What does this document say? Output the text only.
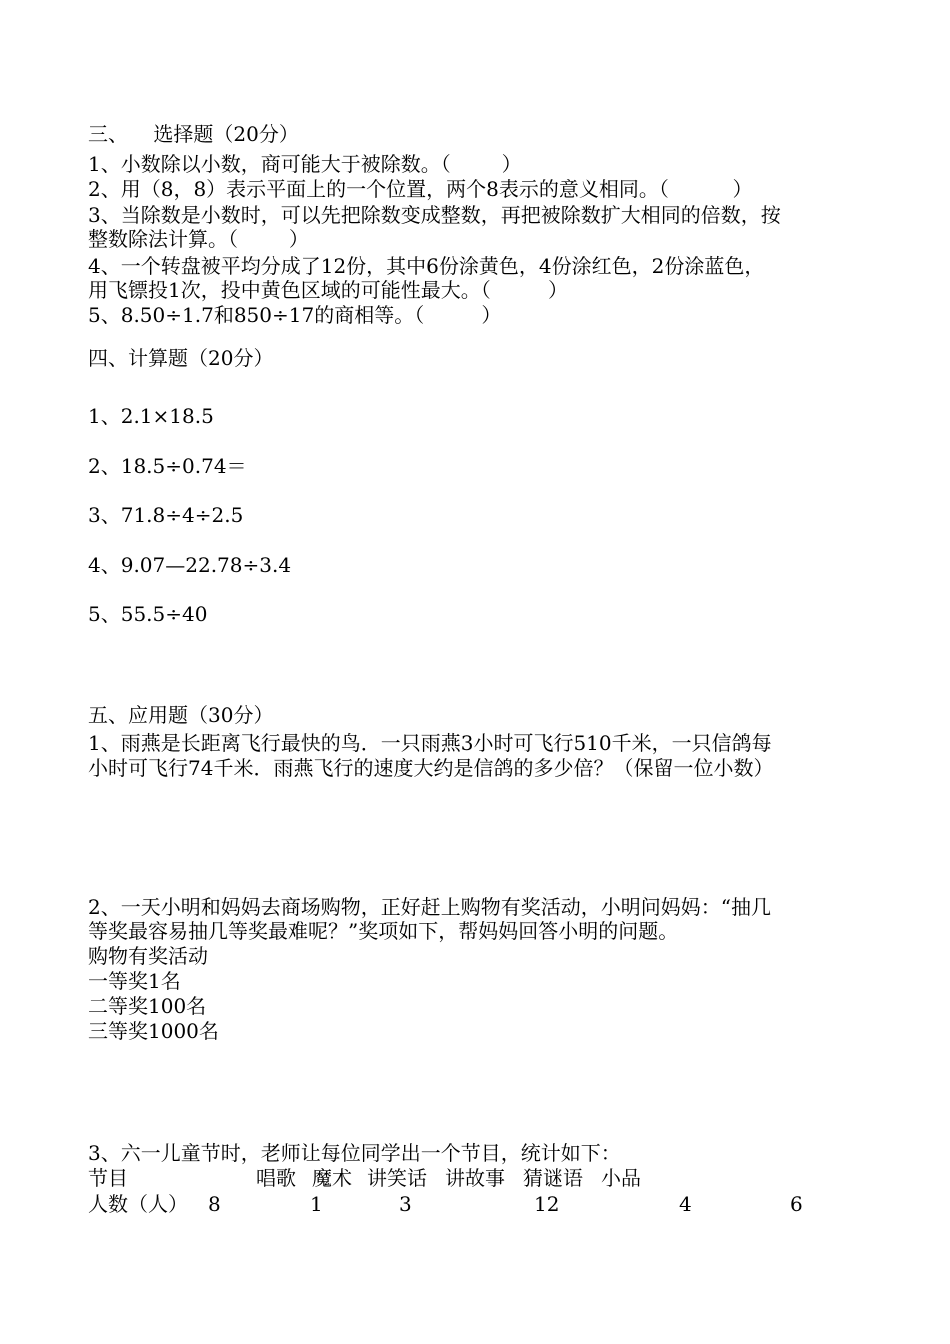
三、    选择题（20分）
1、小数除以小数，商可能大于被除数。（        ）
2、用（8，8）表示平面上的一个位置，两个8表示的意义相同。（          ）
3、当除数是小数时，可以先把除数变成整数，再把被除数扩大相同的倍数，按
整数除法计算。（        ）
4、一个转盘被平均分成了12份，其中6份涂黄色，4份涂红色，2份涂蓝色，
用飞镖投1次，投中黄色区域的可能性最大。（         ）
5、8.50÷1.7和850÷17的商相等。（         ）
四、计算题（20分）
1、2.1×18.5
2、18.5÷0.74＝
3、71.8÷4÷2.5
4、9.07—22.78÷3.4
5、55.5÷40
五、应用题（30分）
1、雨燕是长距离飞行最快的鸟．一只雨燕3小时可飞行510千米，一只信鸽每
小时可飞行74千米．雨燕飞行的速度大约是信鸽的多少倍？（保留一位小数）
2、一天小明和妈妈去商场购物，正好赶上购物有奖活动，小明问妈妈：“抽几
等奖最容易抽几等奖最难呢？”奖项如下，帮妈妈回答小明的问题。
购物有奖活动
一等奖1名
二等奖100名
三等奖1000名
3、六一儿童节时，老师让每位同学出一个节目，统计如下：
节目	唱歌 魔术 讲笑话 讲故事 猜谜语 小品
人数（人） 8	1	3	12	4	6
